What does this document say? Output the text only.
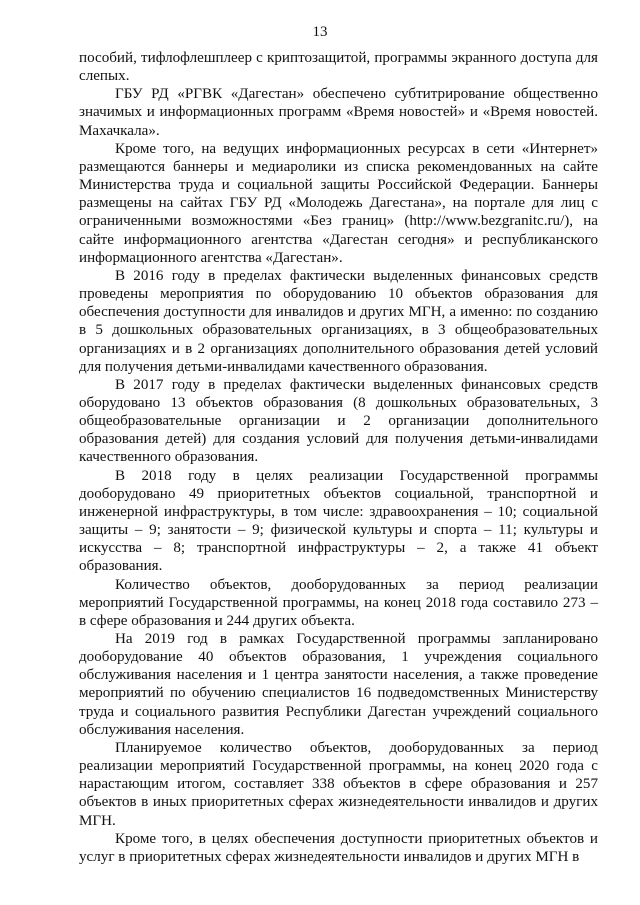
13

пособий, тифлофлешплеер с криптозащитой, программы экранного доступа для слепых.

ГБУ РД «РГВК «Дагестан» обеспечено субтитрирование общественно значимых и информационных программ «Время новостей» и «Время новостей. Махачкала».

Кроме того, на ведущих информационных ресурсах в сети «Интернет» размещаются баннеры и медиаролики из списка рекомендованных на сайте Министерства труда и социальной защиты Российской Федерации. Баннеры размещены на сайтах ГБУ РД «Молодежь Дагестана», на портале для лиц с ограниченными возможностями «Без границ» (http://www.bezgranitc.ru/), на сайте информационного агентства «Дагестан сегодня» и республиканского информационного агентства «Дагестан».

В 2016 году в пределах фактически выделенных финансовых средств проведены мероприятия по оборудованию 10 объектов образования для обеспечения доступности для инвалидов и других МГН, а именно: по созданию в 5 дошкольных образовательных организациях, в 3 общеобразовательных организациях и в 2 организациях дополнительного образования детей условий для получения детьми-инвалидами качественного образования.

В 2017 году в пределах фактически выделенных финансовых средств оборудовано 13 объектов образования (8 дошкольных образовательных, 3 общеобразовательные организации и 2 организации дополнительного образования детей) для создания условий для получения детьми-инвалидами качественного образования.

В 2018 году в целях реализации Государственной программы дооборудовано 49 приоритетных объектов социальной, транспортной и инженерной инфраструктуры, в том числе: здравоохранения – 10; социальной защиты – 9; занятости – 9; физической культуры и спорта – 11; культуры и искусства – 8; транспортной инфраструктуры – 2, а также 41 объект образования.

Количество объектов, дооборудованных за период реализации мероприятий Государственной программы, на конец 2018 года составило 273 – в сфере образования и 244 других объекта.

На 2019 год в рамках Государственной программы запланировано дооборудование 40 объектов образования, 1 учреждения социального обслуживания населения и 1 центра занятости населения, а также проведение мероприятий по обучению специалистов 16 подведомственных Министерству труда и социального развития Республики Дагестан учреждений социального обслуживания населения.

Планируемое количество объектов, дооборудованных за период реализации мероприятий Государственной программы, на конец 2020 года с нарастающим итогом, составляет 338 объектов в сфере образования и 257 объектов в иных приоритетных сферах жизнедеятельности инвалидов и других МГН.

Кроме того, в целях обеспечения доступности приоритетных объектов и услуг в приоритетных сферах жизнедеятельности инвалидов и других МГН в
